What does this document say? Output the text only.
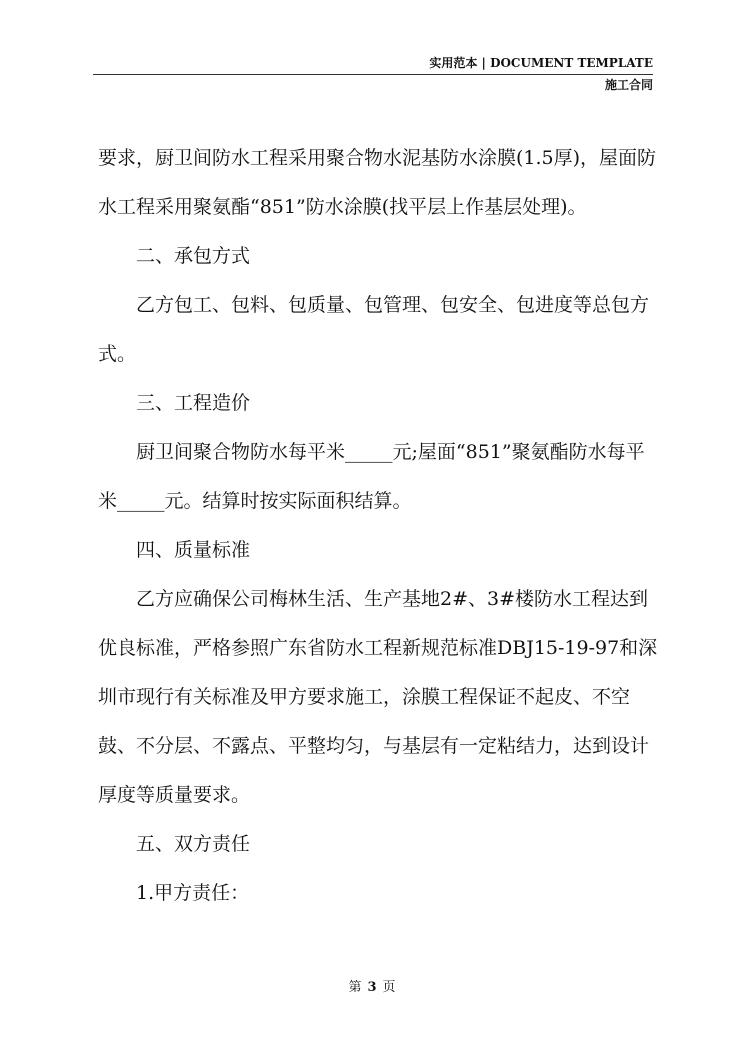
实用范本 | DOCUMENT TEMPLATE
施工合同

要求，厨卫间防水工程采用聚合物水泥基防水涂膜(1.5厚)，屋面防水工程采用聚氨酯“851”防水涂膜(找平层上作基层处理)。

二、承包方式

乙方包工、包料、包质量、包管理、包安全、包进度等总包方式。

三、工程造价

厨卫间聚合物防水每平米_____元;屋面“851”聚氨酯防水每平米_____元。结算时按实际面积结算。

四、质量标准

乙方应确保公司梅林生活、生产基地2#、3#楼防水工程达到优良标准，严格参照广东省防水工程新规范标准DBJ15-19-97和深圳市现行有关标准及甲方要求施工，涂膜工程保证不起皮、不空鼓、不分层、不露点、平整均匀，与基层有一定粘结力，达到设计厚度等质量要求。

五、双方责任

1.甲方责任：

第 3 页
